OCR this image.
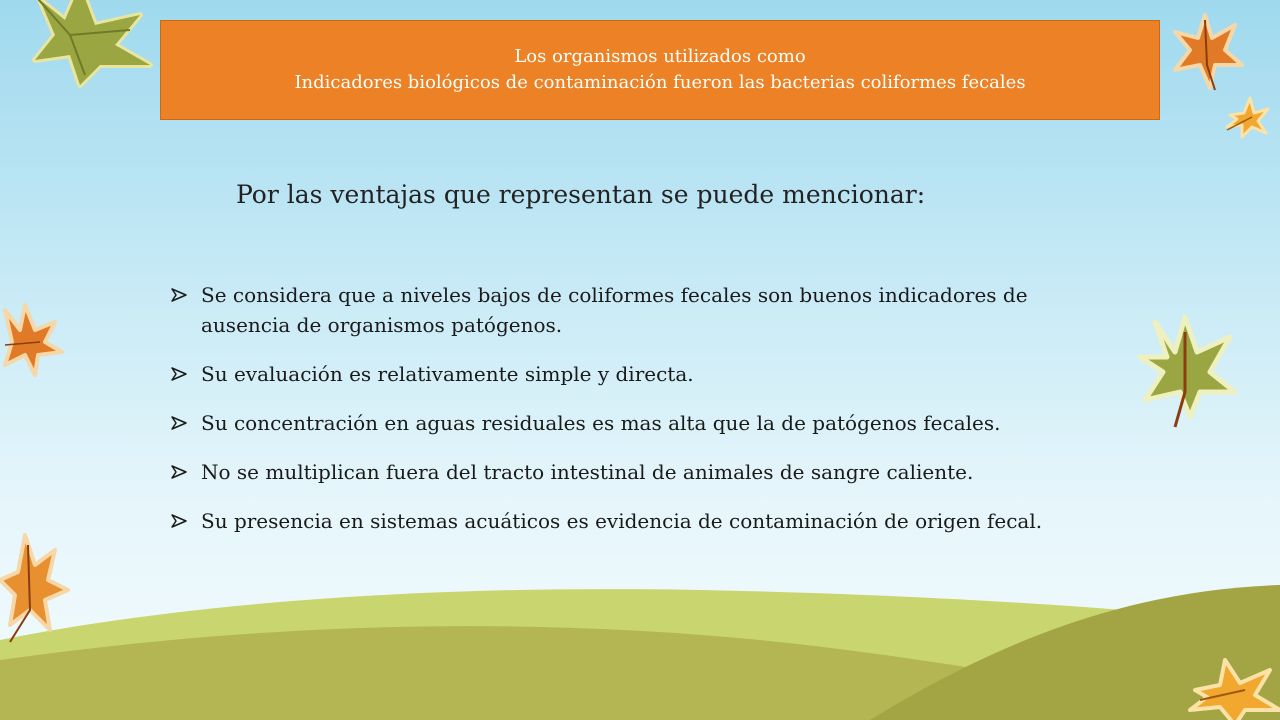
Los organismos utilizados como
Indicadores biológicos de contaminación fueron las bacterias coliformes fecales
Por las ventajas que representan se puede mencionar:
Se considera que a niveles bajos de coliformes fecales son buenos indicadores de ausencia de organismos patógenos.
Su evaluación es relativamente simple y directa.
Su concentración en aguas residuales es mas alta que la de patógenos fecales.
No se multiplican fuera del tracto intestinal de animales de sangre caliente.
Su presencia en sistemas acuáticos es evidencia de contaminación de origen fecal.
